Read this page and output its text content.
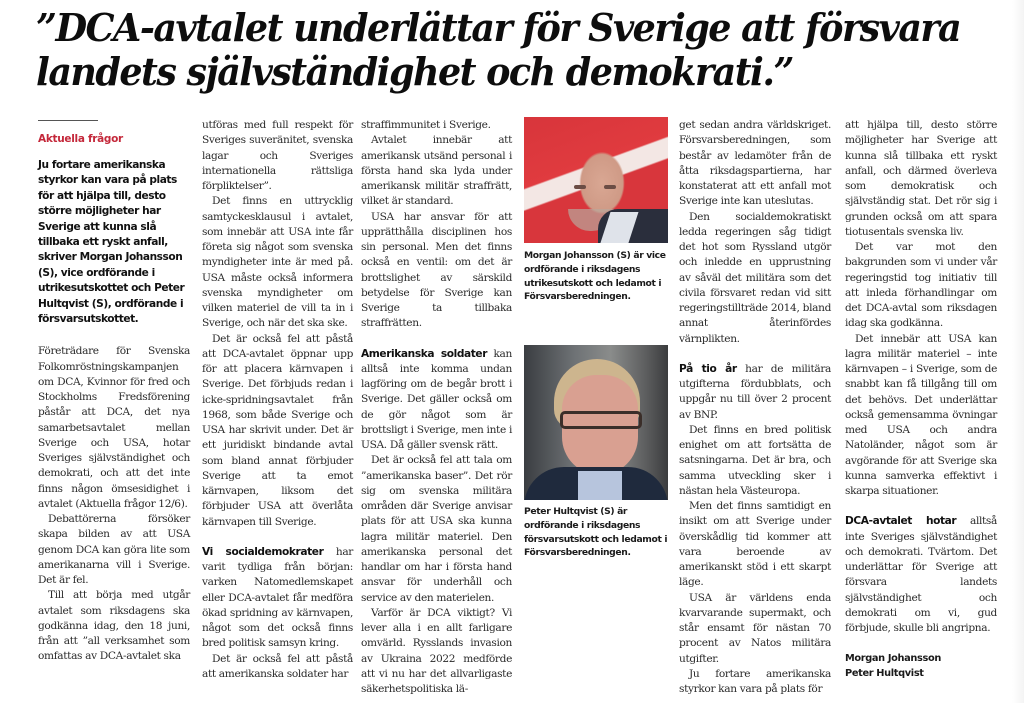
”DCA-avtalet underlättar för Sverige att försvara
landets självständighet och demokrati.”
Aktuella frågor
Ju fortare amerikanska styrkor kan vara på plats för att hjälpa till, desto större möjligheter har Sverige att kunna slå tillbaka ett ryskt anfall, skriver Morgan Johansson (S), vice ordförande i utrikesutskottet och Peter Hultqvist (S), ordförande i försvarsutskottet.

Företrädare för Svenska Folkomröstningskampanjen om DCA, Kvinnor för fred och Stockholms Fredsförening påstår att DCA, det nya samarbetsavtalet mellan Sverige och USA, hotar Sveriges självständighet och demokrati, och att det inte finns någon ömsesidighet i avtalet (Aktuella frågor 12/6).

Debattörerna försöker skapa bilden av att USA genom DCA kan göra lite som amerikanarna vill i Sverige. Det är fel.

Till att börja med utgår avtalet som riksdagens ska godkänna idag, den 18 juni, från att ”all verksamhet som omfattas av DCA-avtalet ska

utföras med full respekt för Sveriges suveränitet, svenska lagar och Sveriges internationella rättsliga förpliktelser”.

Det finns en uttrycklig samtyckesklausul i avtalet, som innebär att USA inte får företa sig något som svenska myndigheter inte är med på. USA måste också informera svenska myndigheter om vilken materiel de vill ta in i Sverige, och när det ska ske.

Det är också fel att påstå att DCA-avtalet öppnar upp för att placera kärnvapen i Sverige. Det förbjuds redan i icke-spridningsavtalet från 1968, som både Sverige och USA har skrivit under. Det är ett juridiskt bindande avtal som bland annat förbjuder Sverige att ta emot kärnvapen, liksom det förbjuder USA att överlåta kärnvapen till Sverige.

Vi socialdemokrater har varit tydliga från början: varken Natomedlemskapet eller DCA-avtalet får medföra ökad spridning av kärnvapen, något som det också finns bred politisk samsyn kring.

Det är också fel att påstå att amerikanska soldater har

straffimmunitet i Sverige.

Avtalet innebär att amerikansk utsänd personal i första hand ska lyda under amerikansk militär straffrätt, vilket är standard.

USA har ansvar för att upprätthålla disciplinen hos sin personal. Men det finns också en ventil: om det är brottslighet av särskild betydelse för Sverige kan Sverige ta tillbaka straffrätten.

Amerikanska soldater kan alltså inte komma undan lagföring om de begår brott i Sverige. Det gäller också om de gör något som är brottsligt i Sverige, men inte i USA. Då gäller svensk rätt.

Det är också fel att tala om ”amerikanska baser”. Det rör sig om svenska militära områden där Sverige anvisar plats för att USA ska kunna lagra militär materiel. Den amerikanska personal det handlar om har i första hand ansvar för underhåll och service av den materielen.

Varför är DCA viktigt? Vi lever alla i en allt farligare omvärld. Rysslands invasion av Ukraina 2022 medförde att vi nu har det allvarligaste säkerhetspolitiska lä-

Morgan Johansson (S) är vice ordförande i riksdagens utrikesutskott och ledamot i Försvarsberedningen.
Peter Hultqvist (S) är ordförande i riksdagens försvarsutskott och ledamot i Försvarsberedningen.

get sedan andra världskriget. Försvarsberedningen, som består av ledamöter från de åtta riksdagspartierna, har konstaterat att ett anfall mot Sverige inte kan uteslutas.

Den socialdemokratiskt ledda regeringen såg tidigt det hot som Ryssland utgör och inledde en upprustning av såväl det militära som det civila försvaret redan vid sitt regeringstillträde 2014, bland annat återinfördes värnplikten.

På tio år har de militära utgifterna fördubblats, och uppgår nu till över 2 procent av BNP.

Det finns en bred politisk enighet om att fortsätta de satsningarna. Det är bra, och samma utveckling sker i nästan hela Västeuropa.

Men det finns samtidigt en insikt om att Sverige under överskådlig tid kommer att vara beroende av amerikanskt stöd i ett skarpt läge.

USA är världens enda kvarvarande supermakt, och står ensamt för nästan 70 procent av Natos militära utgifter.

Ju fortare amerikanska styrkor kan vara på plats för

att hjälpa till, desto större möjligheter har Sverige att kunna slå tillbaka ett ryskt anfall, och därmed överleva som demokratisk och självständig stat. Det rör sig i grunden också om att spara tiotusentals svenska liv.

Det var mot den bakgrunden som vi under vår regeringstid tog initiativ till att inleda förhandlingar om det DCA-avtal som riksdagen idag ska godkänna.

Det innebär att USA kan lagra militär materiel – inte kärnvapen – i Sverige, som de snabbt kan få tillgång till om det behövs. Det underlättar också gemensamma övningar med USA och andra Natoländer, något som är avgörande för att Sverige ska kunna samverka effektivt i skarpa situationer.

DCA-avtalet hotar alltså inte Sveriges självständighet och demokrati. Tvärtom. Det underlättar för Sverige att försvara landets självständighet och demokrati om vi, gud förbjude, skulle bli angripna.

Morgan Johansson
Peter Hultqvist
